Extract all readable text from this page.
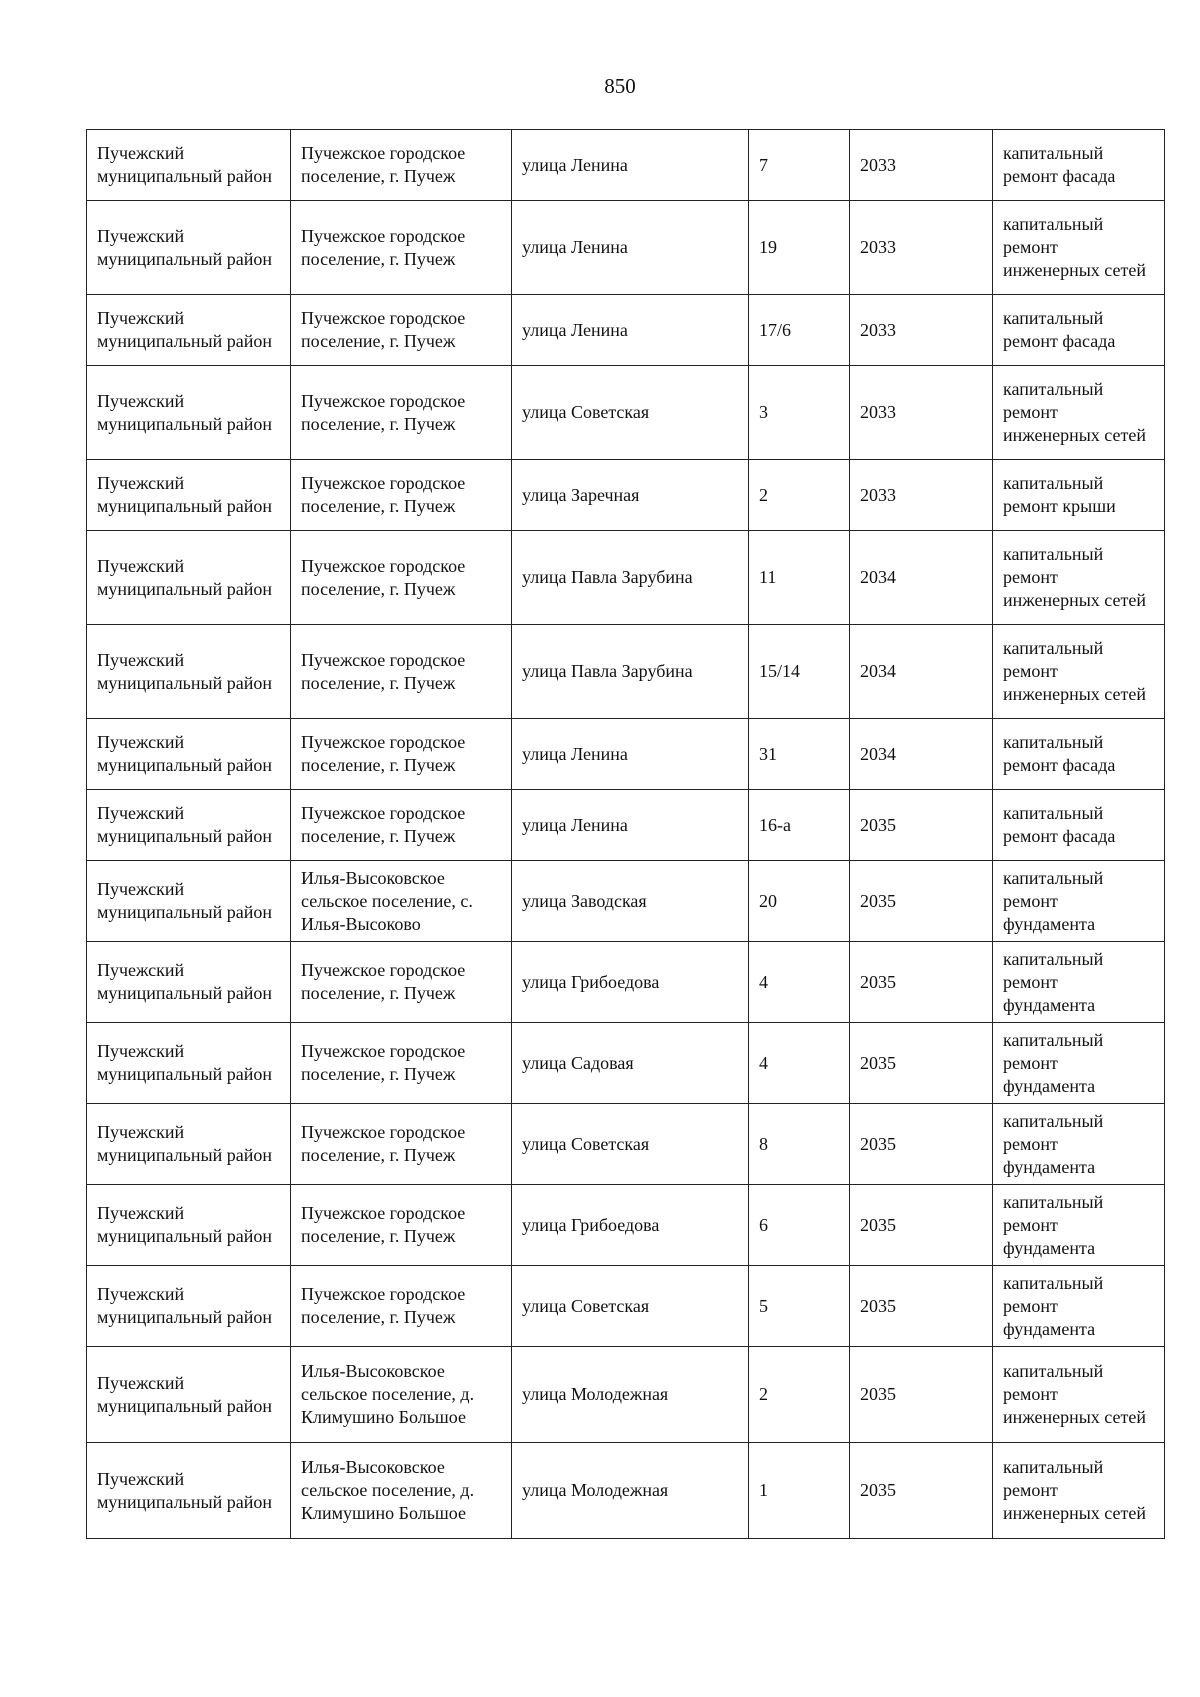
850
Пучежский муниципальный район	Пучежское городское поселение, г. Пучеж	улица Ленина	7	2033	капитальный ремонт фасада
Пучежский муниципальный район	Пучежское городское поселение, г. Пучеж	улица Ленина	19	2033	капитальный ремонт инженерных сетей
Пучежский муниципальный район	Пучежское городское поселение, г. Пучеж	улица Ленина	17/6	2033	капитальный ремонт фасада
Пучежский муниципальный район	Пучежское городское поселение, г. Пучеж	улица Советская	3	2033	капитальный ремонт инженерных сетей
Пучежский муниципальный район	Пучежское городское поселение, г. Пучеж	улица Заречная	2	2033	капитальный ремонт крыши
Пучежский муниципальный район	Пучежское городское поселение, г. Пучеж	улица Павла Зарубина	11	2034	капитальный ремонт инженерных сетей
Пучежский муниципальный район	Пучежское городское поселение, г. Пучеж	улица Павла Зарубина	15/14	2034	капитальный ремонт инженерных сетей
Пучежский муниципальный район	Пучежское городское поселение, г. Пучеж	улица Ленина	31	2034	капитальный ремонт фасада
Пучежский муниципальный район	Пучежское городское поселение, г. Пучеж	улица Ленина	16-а	2035	капитальный ремонт фасада
Пучежский муниципальный район	Илья-Высоковское сельское поселение, с. Илья-Высоково	улица Заводская	20	2035	капитальный ремонт фундамента
Пучежский муниципальный район	Пучежское городское поселение, г. Пучеж	улица Грибоедова	4	2035	капитальный ремонт фундамента
Пучежский муниципальный район	Пучежское городское поселение, г. Пучеж	улица Садовая	4	2035	капитальный ремонт фундамента
Пучежский муниципальный район	Пучежское городское поселение, г. Пучеж	улица Советская	8	2035	капитальный ремонт фундамента
Пучежский муниципальный район	Пучежское городское поселение, г. Пучеж	улица Грибоедова	6	2035	капитальный ремонт фундамента
Пучежский муниципальный район	Пучежское городское поселение, г. Пучеж	улица Советская	5	2035	капитальный ремонт фундамента
Пучежский муниципальный район	Илья-Высоковское сельское поселение, д. Климушино Большое	улица Молодежная	2	2035	капитальный ремонт инженерных сетей
Пучежский муниципальный район	Илья-Высоковское сельское поселение, д. Климушино Большое	улица Молодежная	1	2035	капитальный ремонт инженерных сетей
